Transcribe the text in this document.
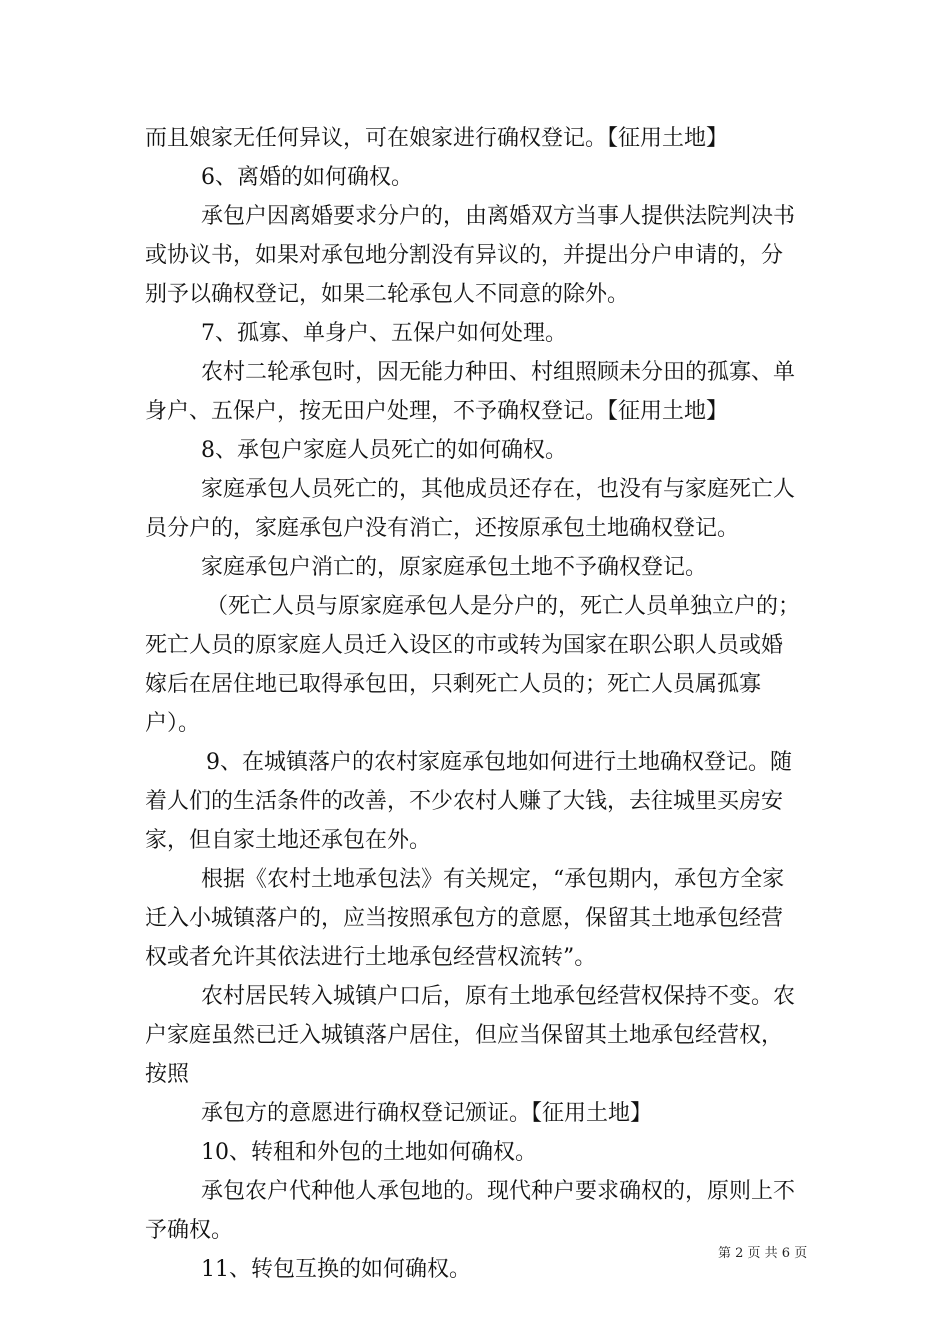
而且娘家无任何异议，可在娘家进行确权登记。【征用土地】
6、离婚的如何确权。
承包户因离婚要求分户的，由离婚双方当事人提供法院判决书
或协议书，如果对承包地分割没有异议的，并提出分户申请的，分
别予以确权登记，如果二轮承包人不同意的除外。
7、孤寡、单身户、五保户如何处理。
农村二轮承包时，因无能力种田、村组照顾未分田的孤寡、单
身户、五保户，按无田户处理，不予确权登记。【征用土地】
8、承包户家庭人员死亡的如何确权。
家庭承包人员死亡的，其他成员还存在，也没有与家庭死亡人
员分户的，家庭承包户没有消亡，还按原承包土地确权登记。
家庭承包户消亡的，原家庭承包土地不予确权登记。
（死亡人员与原家庭承包人是分户的，死亡人员单独立户的；
死亡人员的原家庭人员迁入设区的市或转为国家在职公职人员或婚
嫁后在居住地已取得承包田，只剩死亡人员的；死亡人员属孤寡
户）。
9、在城镇落户的农村家庭承包地如何进行土地确权登记。随
着人们的生活条件的改善，不少农村人赚了大钱，去往城里买房安
家，但自家土地还承包在外。
根据《农村土地承包法》有关规定，“承包期内，承包方全家
迁入小城镇落户的，应当按照承包方的意愿，保留其土地承包经营
权或者允许其依法进行土地承包经营权流转”。
农村居民转入城镇户口后，原有土地承包经营权保持不变。农
户家庭虽然已迁入城镇落户居住，但应当保留其土地承包经营权，
按照
承包方的意愿进行确权登记颁证。【征用土地】
10、转租和外包的土地如何确权。
承包农户代种他人承包地的。现代种户要求确权的，原则上不
予确权。
11、转包互换的如何确权。
第 2 页 共 6 页
